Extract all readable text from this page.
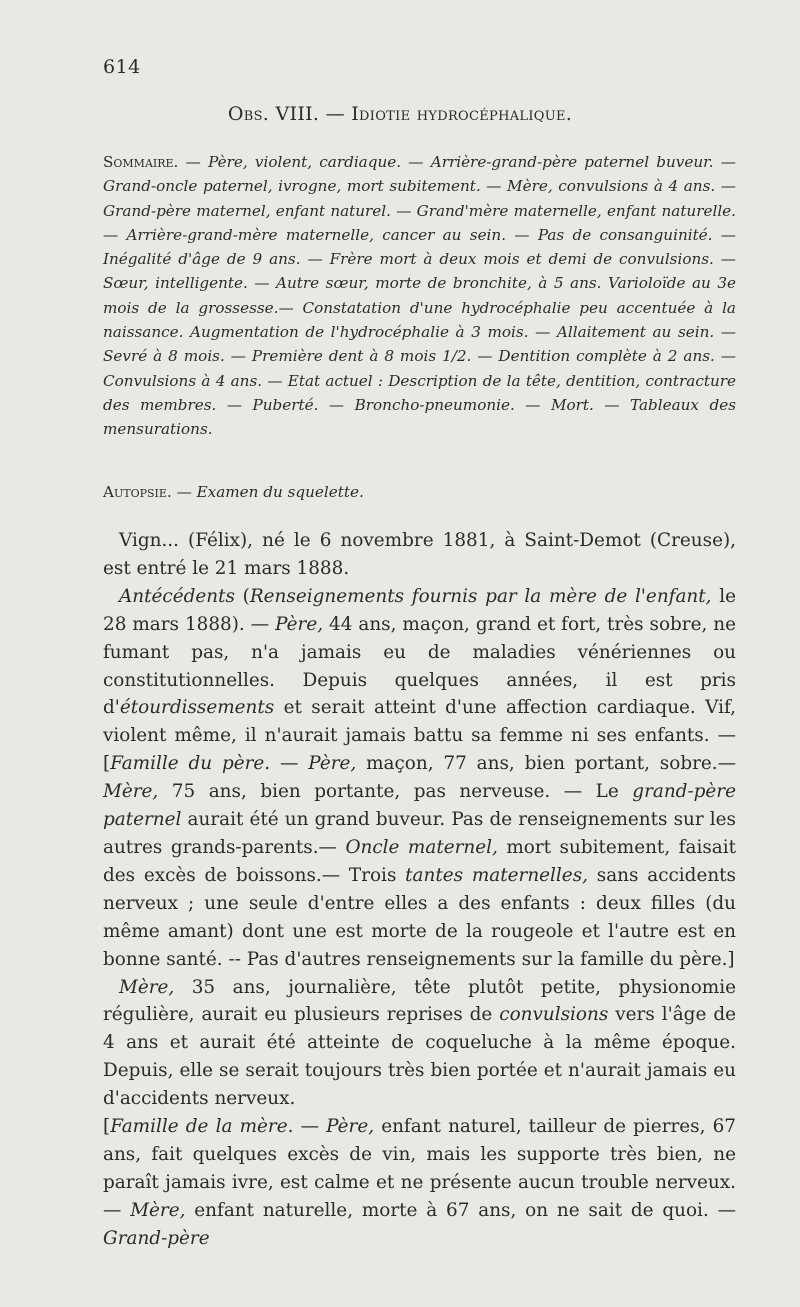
614
Obs. VIII. — Idiotie hydrocéphalique.
Sommaire. — Père, violent, cardiaque. — Arrière-grand-père paternel buveur. — Grand-oncle paternel, ivrogne, mort subitement. — Mère, convulsions à 4 ans. — Grand-père maternel, enfant naturel. — Grand'mère maternelle, enfant naturelle.— Arrière-grand-mère maternelle, cancer au sein. — Pas de consanguinité. — Inégalité d'âge de 9 ans. — Frère mort à deux mois et demi de convulsions. — Sœur, intelligente. — Autre sœur, morte de bronchite, à 5 ans. Varioloïde au 3e mois de la grossesse.— Constatation d'une hydrocéphalie peu accentuée à la naissance. Augmentation de l'hydrocéphalie à 3 mois. — Allaitement au sein. — Sevré à 8 mois. — Première dent à 8 mois 1/2. — Dentition complète à 2 ans. — Convulsions à 4 ans. — Etat actuel : Description de la tête, dentition, contracture des membres. — Puberté. — Broncho-pneumonie. — Mort. — Tableaux des mensurations.
Autopsie. — Examen du squelette.

Vign... (Félix), né le 6 novembre 1881, à Saint-Demot (Creuse), est entré le 21 mars 1888.

Antécédents (Renseignements fournis par la mère de l'enfant, le 28 mars 1888). — Père, 44 ans, maçon, grand et fort, très sobre, ne fumant pas, n'a jamais eu de maladies vénériennes ou constitutionnelles. Depuis quelques années, il est pris d'étourdissements et serait atteint d'une affection cardiaque. Vif, violent même, il n'aurait jamais battu sa femme ni ses enfants. — [Famille du père. — Père, maçon, 77 ans, bien portant, sobre.— Mère, 75 ans, bien portante, pas nerveuse. — Le grand-père paternel aurait été un grand buveur. Pas de renseignements sur les autres grands-parents.— Oncle maternel, mort subitement, faisait des excès de boissons.— Trois tantes maternelles, sans accidents nerveux ; une seule d'entre elles a des enfants : deux filles (du même amant) dont une est morte de la rougeole et l'autre est en bonne santé. -- Pas d'autres renseignements sur la famille du père.]

Mère, 35 ans, journalière, tête plutôt petite, physionomie régulière, aurait eu plusieurs reprises de convulsions vers l'âge de 4 ans et aurait été atteinte de coqueluche à la même époque. Depuis, elle se serait toujours très bien portée et n'aurait jamais eu d'accidents nerveux.

[Famille de la mère. — Père, enfant naturel, tailleur de pierres, 67 ans, fait quelques excès de vin, mais les supporte très bien, ne paraît jamais ivre, est calme et ne présente aucun trouble nerveux. — Mère, enfant naturelle, morte à 67 ans, on ne sait de quoi. — Grand-père
